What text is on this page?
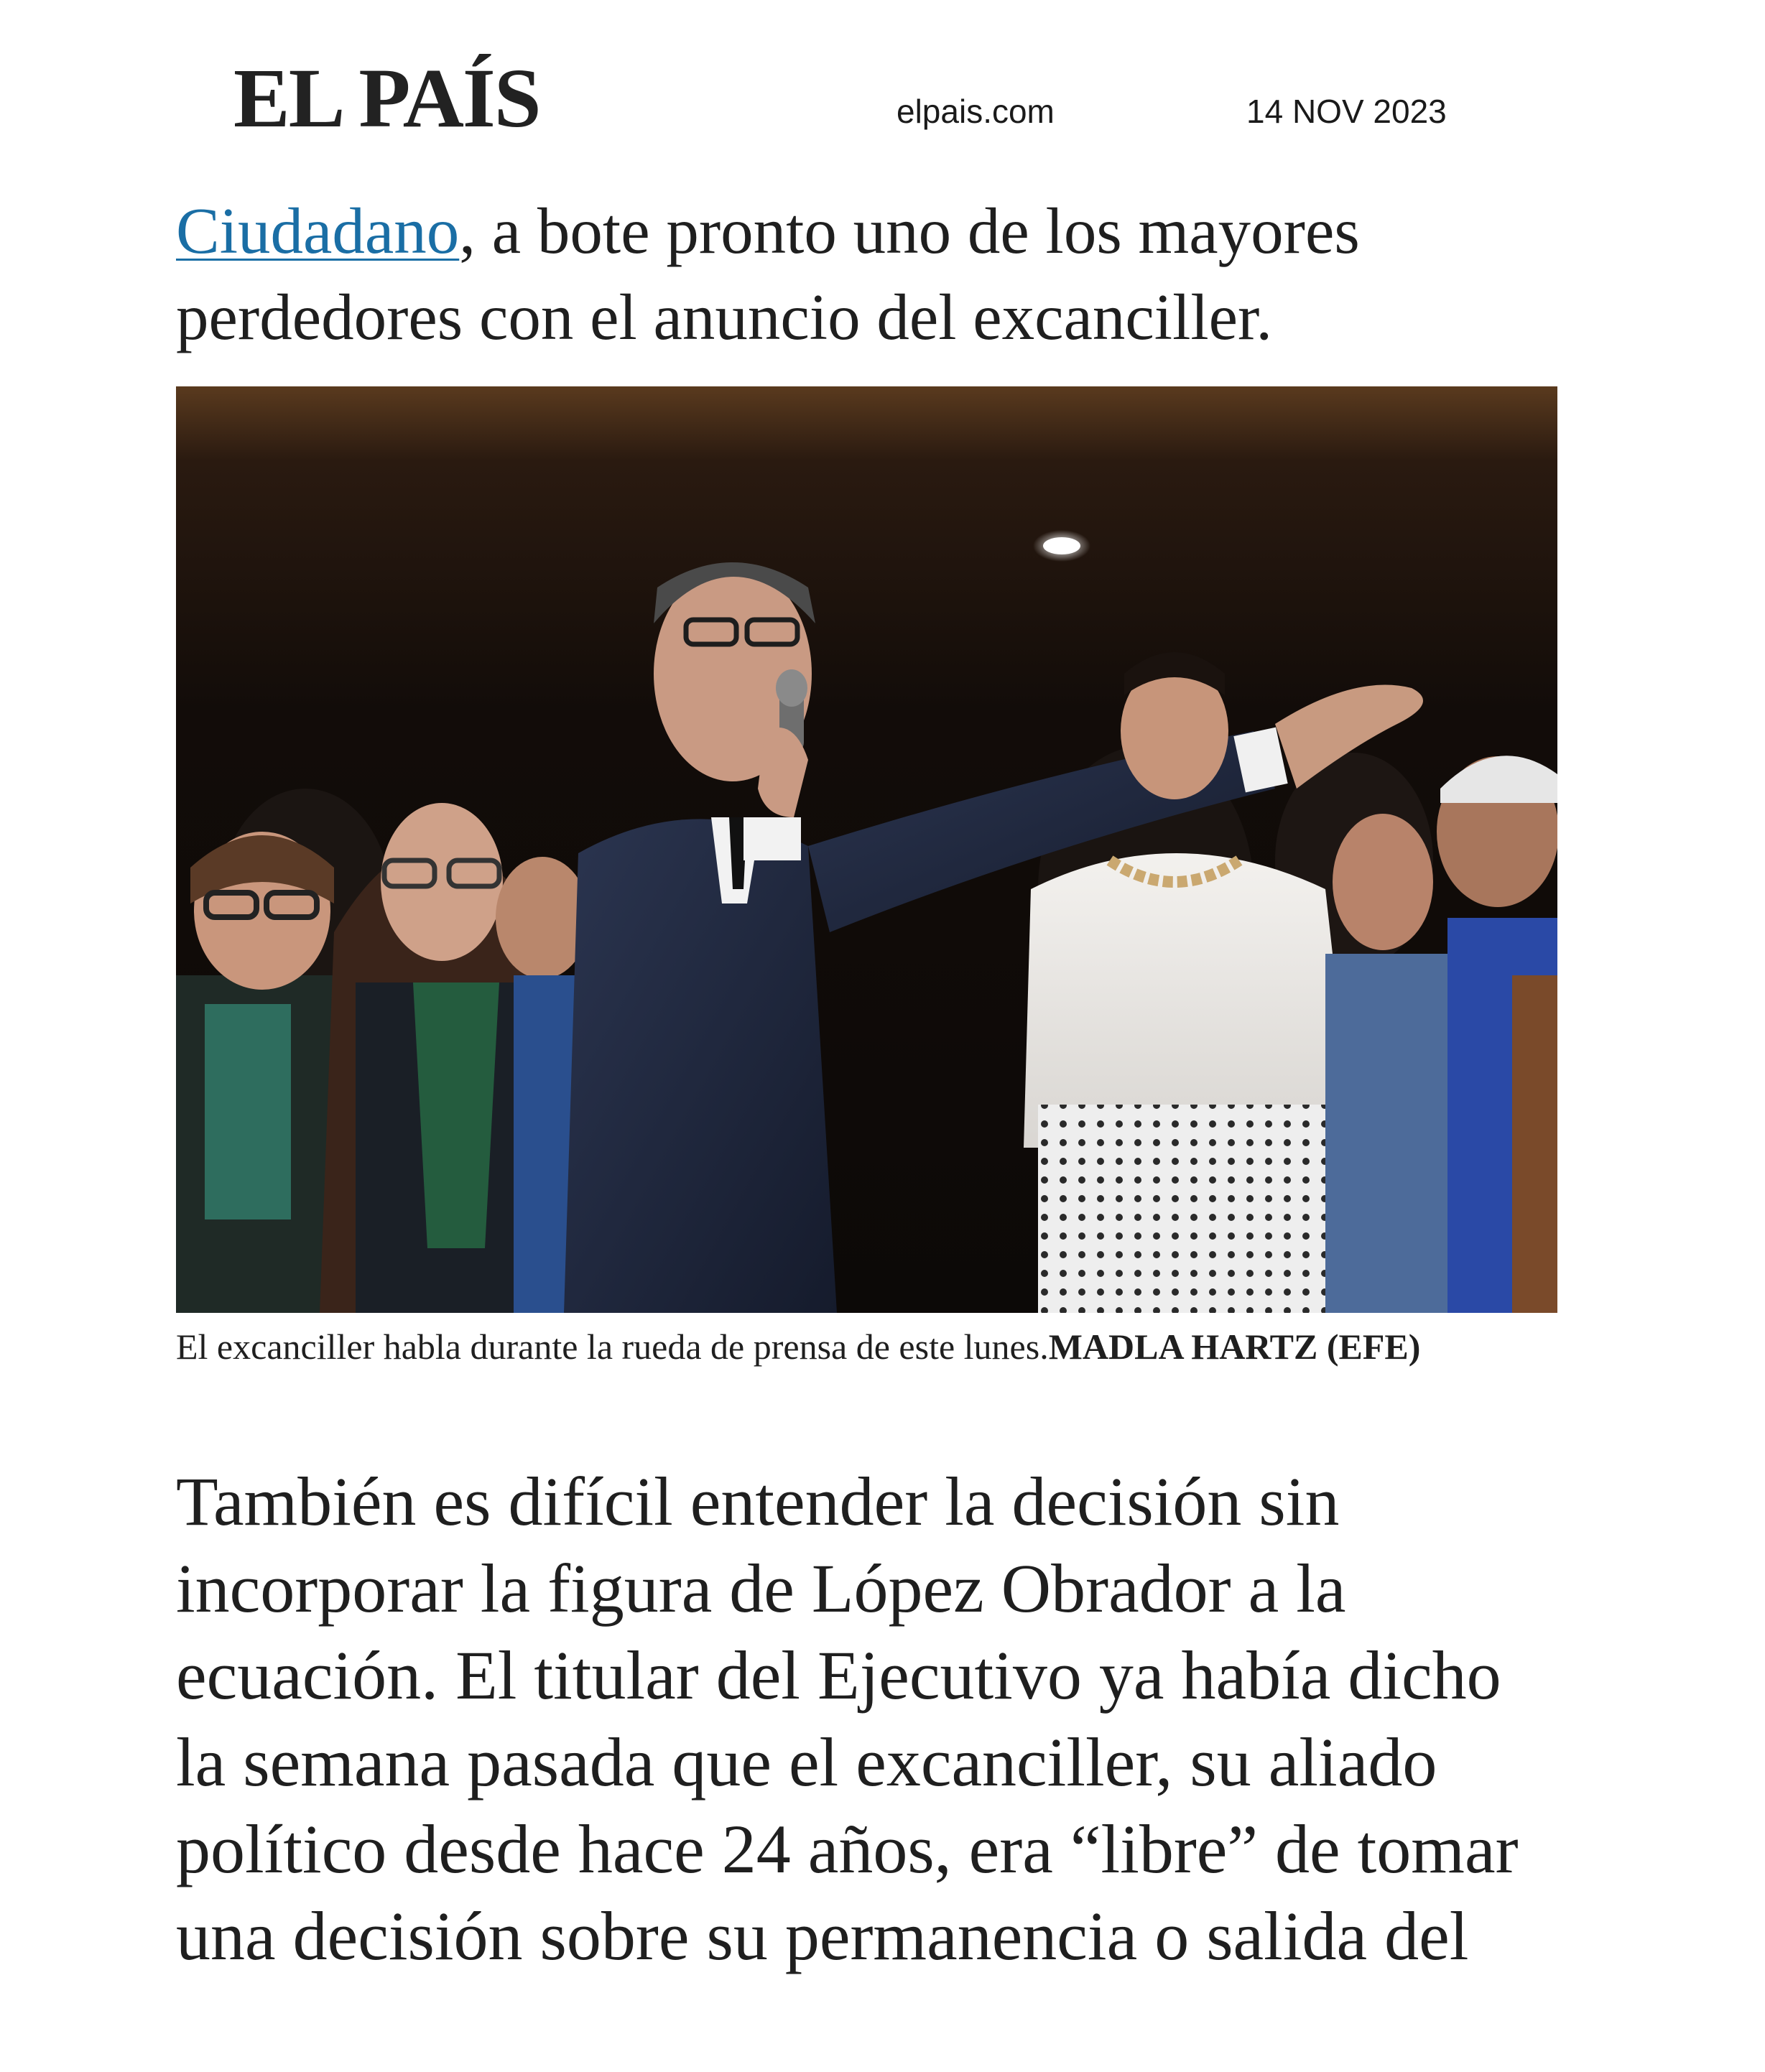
EL PAÍS	elpais.com	14 NOV 2023

Ciudadano, a bote pronto uno de los mayores
perdedores con el anuncio del excanciller.

El excanciller habla durante la rueda de prensa de este lunes.MADLA HARTZ (EFE)

También es difícil entender la decisión sin
incorporar la figura de López Obrador a la
ecuación. El titular del Ejecutivo ya había dicho
la semana pasada que el excanciller, su aliado
político desde hace 24 años, era “libre” de tomar
una decisión sobre su permanencia o salida del
